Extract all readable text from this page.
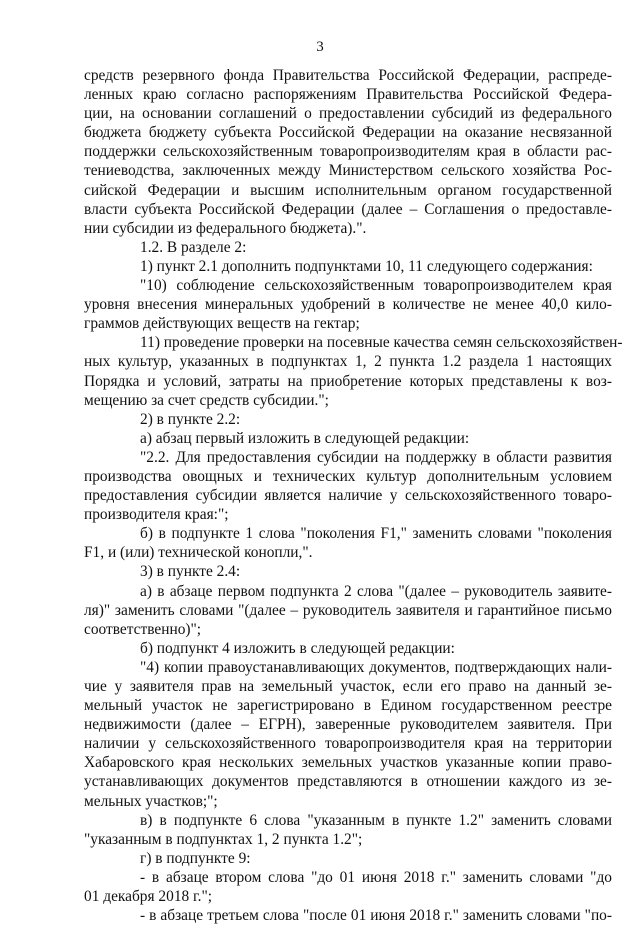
3

средств резервного фонда Правительства Российской Федерации, распреде-

ленных краю согласно распоряжениям Правительства Российской Федера-

ции, на основании соглашений о предоставлении субсидий из федерального

бюджета бюджету субъекта Российской Федерации на оказание несвязанной

поддержки сельскохозяйственным товаропроизводителям края в области рас-

тениеводства, заключенных между Министерством сельского хозяйства Рос-

сийской Федерации и высшим исполнительным органом государственной

власти субъекта Российской Федерации (далее – Соглашения о предоставле-

нии субсидии из федерального бюджета).".

1.2. В разделе 2:

1) пункт 2.1 дополнить подпунктами 10, 11 следующего содержания:

"10) соблюдение сельскохозяйственным товаропроизводителем края

уровня внесения минеральных удобрений в количестве не менее 40,0 кило-

граммов действующих веществ на гектар;

11) проведение проверки на посевные качества семян сельскохозяйствен-

ных культур, указанных в подпунктах 1, 2 пункта 1.2 раздела 1 настоящих

Порядка и условий, затраты на приобретение которых представлены к воз-

мещению за счет средств субсидии.";

2) в пункте 2.2:

а) абзац первый изложить в следующей редакции:

"2.2. Для предоставления субсидии на поддержку в области развития

производства овощных и технических культур дополнительным условием

предоставления субсидии является наличие у сельскохозяйственного товаро-

производителя края:";

б) в подпункте 1 слова "поколения F1," заменить словами "поколения

F1, и (или) технической конопли,".

3) в пункте 2.4:

а) в абзаце первом подпункта 2 слова "(далее – руководитель заявите-

ля)" заменить словами "(далее – руководитель заявителя и гарантийное письмо

соответственно)";

б) подпункт 4 изложить в следующей редакции:

"4) копии правоустанавливающих документов, подтверждающих нали-

чие у заявителя прав на земельный участок, если его право на данный зе-

мельный участок не зарегистрировано в Едином государственном реестре

недвижимости (далее – ЕГРН), заверенные руководителем заявителя. При

наличии у сельскохозяйственного товаропроизводителя края на территории

Хабаровского края нескольких земельных участков указанные копии право-

устанавливающих документов представляются в отношении каждого из зе-

мельных участков;";

в) в подпункте 6 слова "указанным в пункте 1.2" заменить словами

"указанным в подпунктах 1, 2 пункта 1.2";

г) в подпункте 9:

- в абзаце втором слова "до 01 июня 2018 г." заменить словами "до

01 декабря 2018 г.";

- в абзаце третьем слова "после 01 июня 2018 г." заменить словами "по-
